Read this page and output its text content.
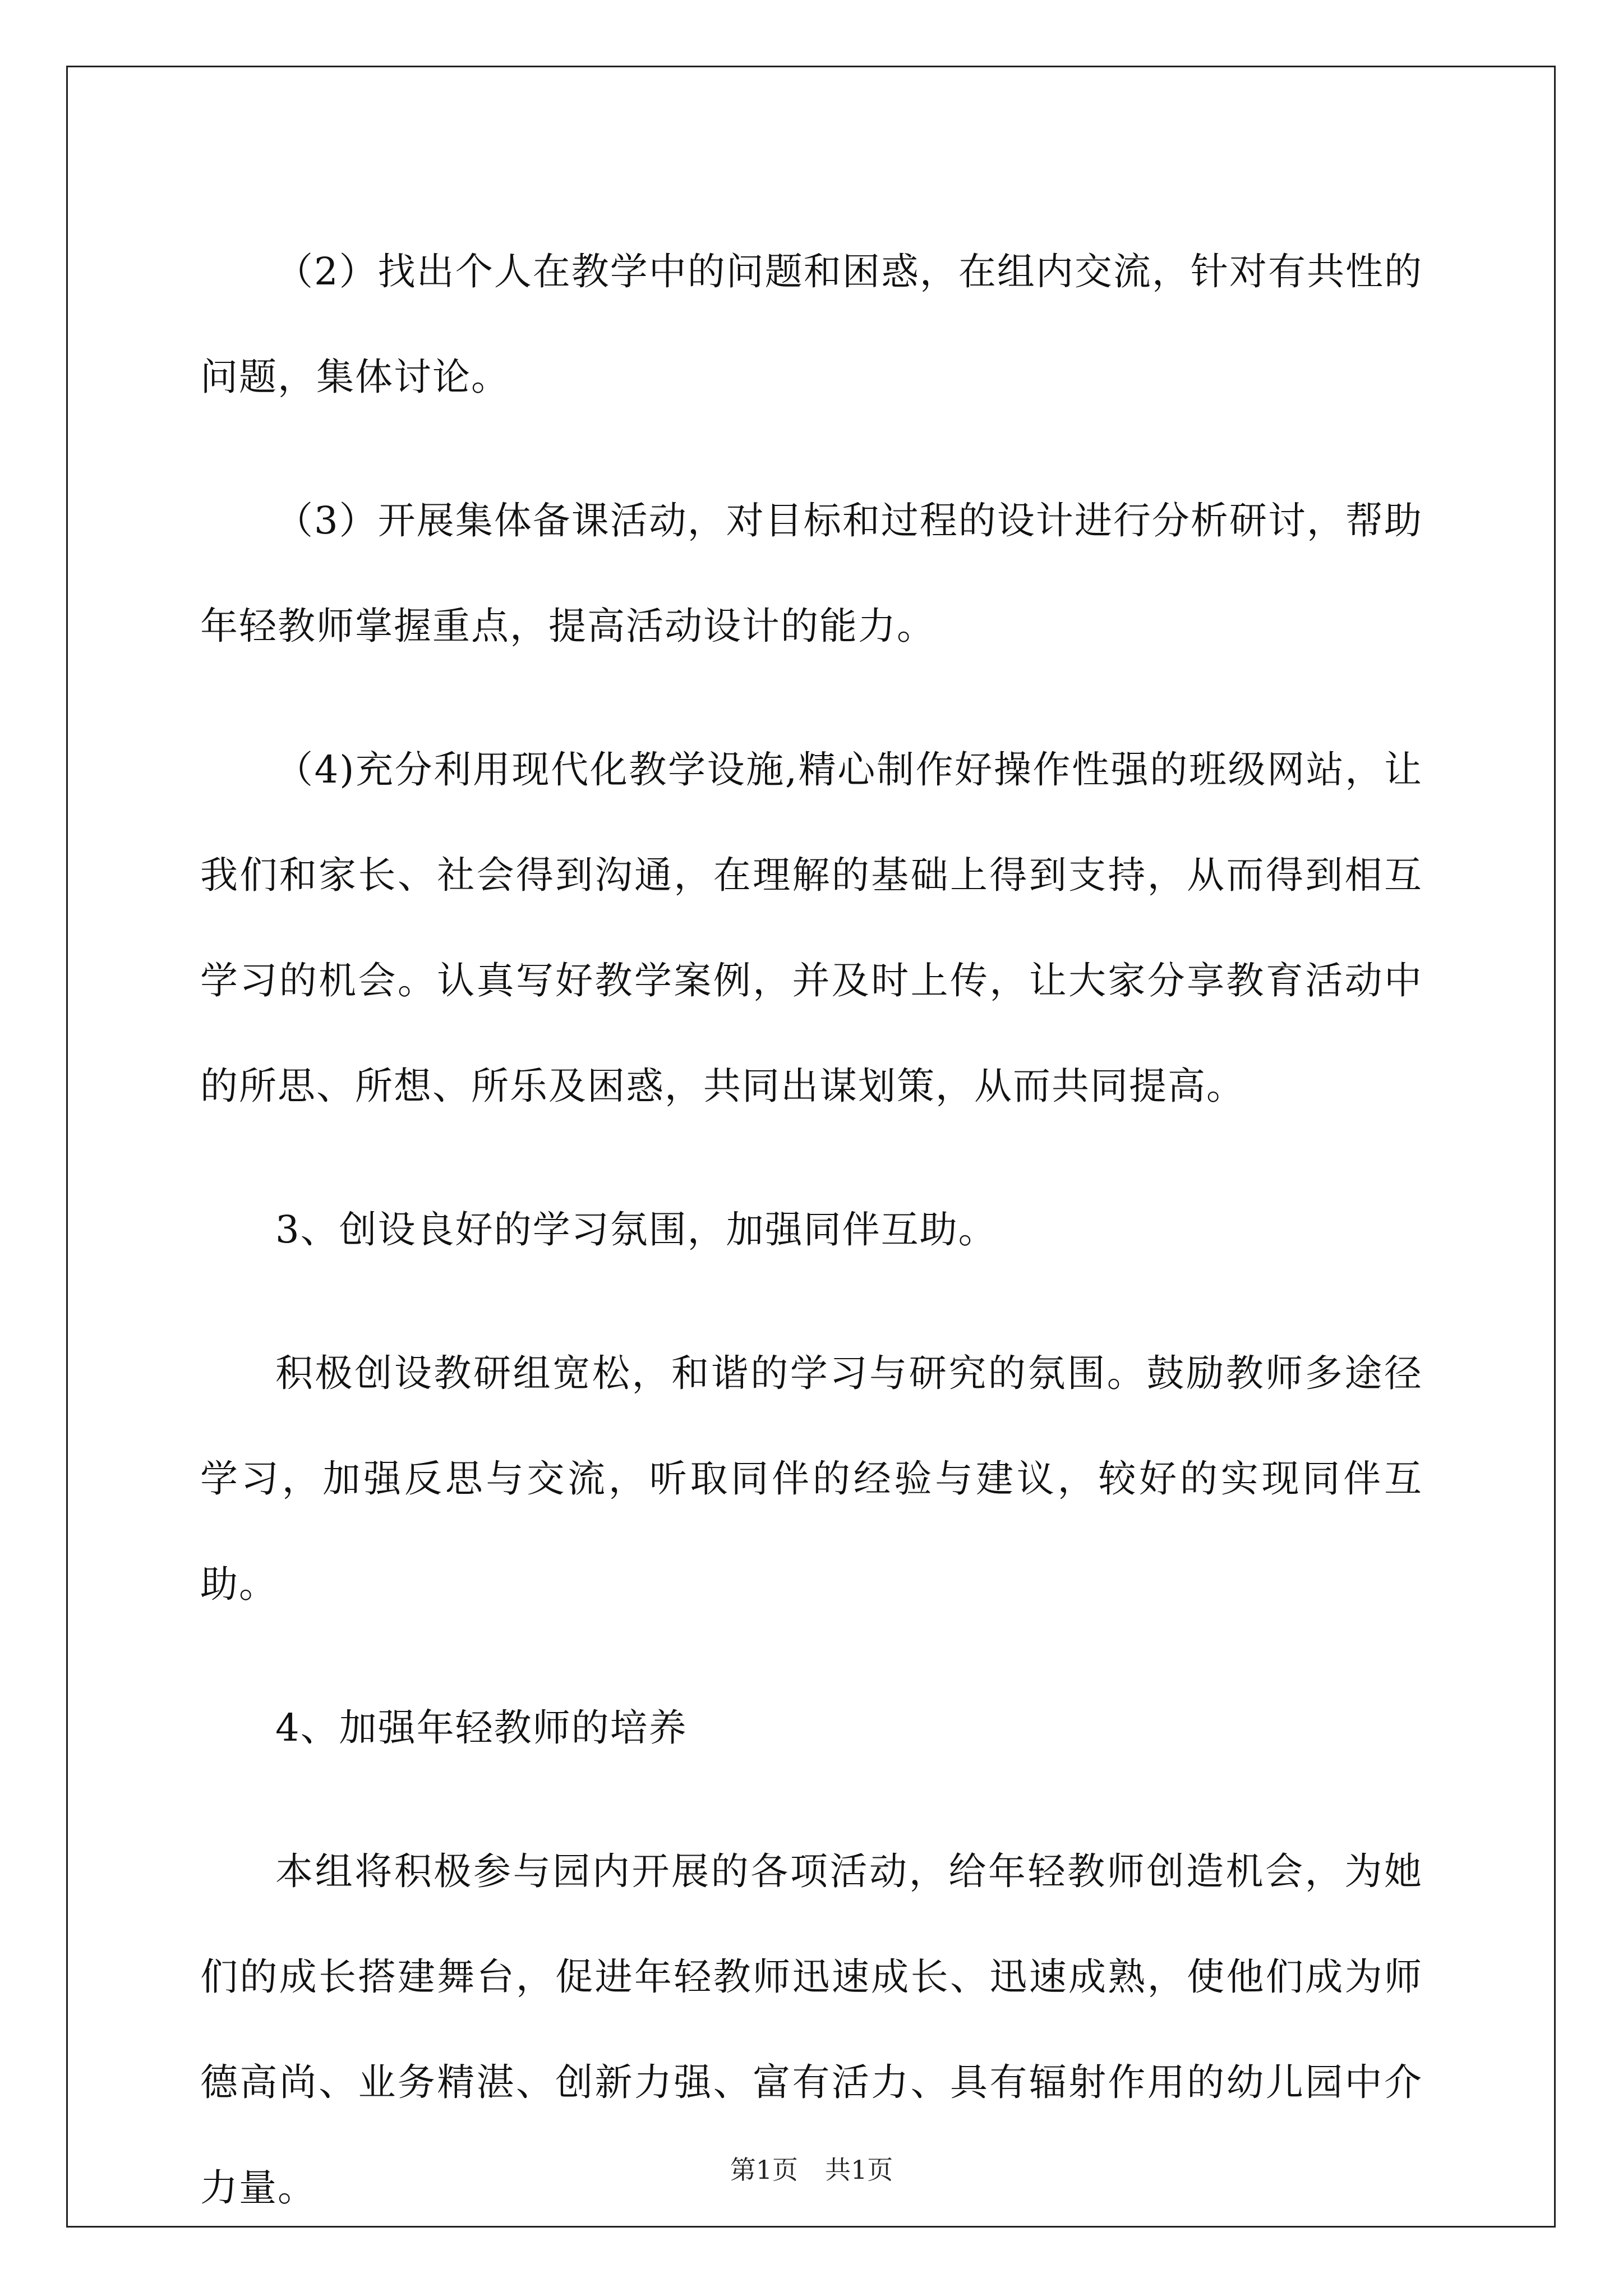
（2）找出个人在教学中的问题和困惑，在组内交流，针对有共性的问题，集体讨论。

（3）开展集体备课活动，对目标和过程的设计进行分析研讨，帮助年轻教师掌握重点，提高活动设计的能力。

（4)充分利用现代化教学设施,精心制作好操作性强的班级网站，让我们和家长、社会得到沟通，在理解的基础上得到支持，从而得到相互学习的机会。认真写好教学案例，并及时上传，让大家分享教育活动中的所思、所想、所乐及困惑，共同出谋划策，从而共同提高。

3、创设良好的学习氛围，加强同伴互助。

积极创设教研组宽松，和谐的学习与研究的氛围。鼓励教师多途径学习，加强反思与交流，听取同伴的经验与建议，较好的实现同伴互助。

4、加强年轻教师的培养

本组将积极参与园内开展的各项活动，给年轻教师创造机会，为她们的成长搭建舞台，促进年轻教师迅速成长、迅速成熟，使他们成为师德高尚、业务精湛、创新力强、富有活力、具有辐射作用的幼儿园中介力量。	第1页 共1页
